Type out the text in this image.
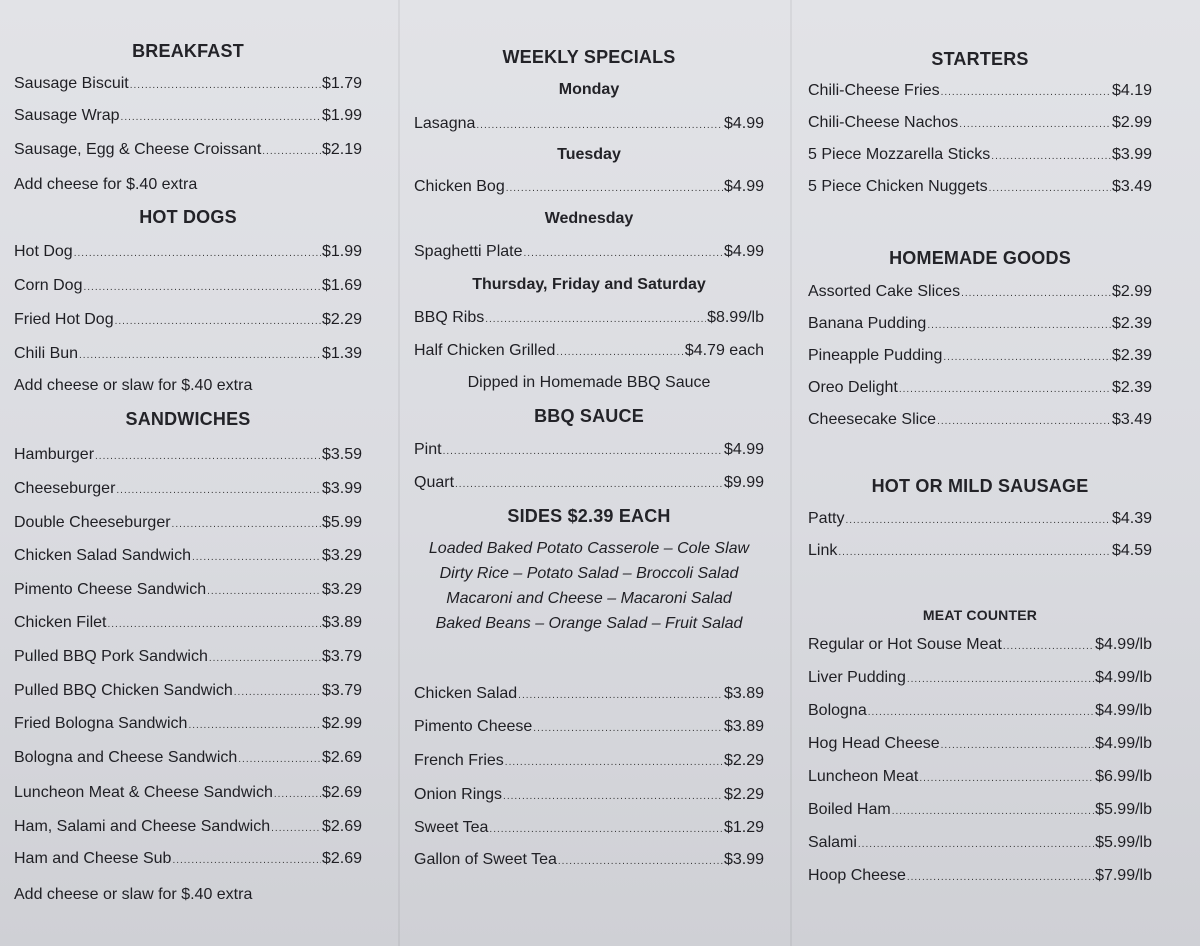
BREAKFAST
Sausage Biscuit .....	$1.79
Sausage Wrap .....	$1.99
Sausage, Egg & Cheese Croissant .....	$2.19
Add cheese for $.40 extra
HOT DOGS
Hot Dog .....	$1.99
Corn Dog .....	$1.69
Fried Hot Dog .....	$2.29
Chili Bun .....	$1.39
Add cheese or slaw for $.40 extra
SANDWICHES
Hamburger .....	$3.59
Cheeseburger .....	$3.99
Double Cheeseburger .....	$5.99
Chicken Salad Sandwich .....	$3.29
Pimento Cheese Sandwich .....	$3.29
Chicken Filet .....	$3.89
Pulled BBQ Pork Sandwich .....	$3.79
Pulled BBQ Chicken Sandwich .....	$3.79
Fried Bologna Sandwich .....	$2.99
Bologna and Cheese Sandwich .....	$2.69
Luncheon Meat & Cheese Sandwich .....	$2.69
Ham, Salami and Cheese Sandwich .....	$2.69
Ham and Cheese Sub .....	$2.69
Add cheese or slaw for $.40 extra
WEEKLY SPECIALS
Monday
Lasagna .....	$4.99
Tuesday
Chicken Bog .....	$4.99
Wednesday
Spaghetti Plate .....	$4.99
Thursday, Friday and Saturday
BBQ Ribs .....	$8.99/lb
Half Chicken Grilled .....	$4.79 each
Dipped in Homemade BBQ Sauce
BBQ SAUCE
Pint .....	$4.99
Quart .....	$9.99
SIDES $2.39 EACH
Loaded Baked Potato Casserole – Cole Slaw
Dirty Rice – Potato Salad – Broccoli Salad
Macaroni and Cheese – Macaroni Salad
Baked Beans – Orange Salad – Fruit Salad
Chicken Salad .....	$3.89
Pimento Cheese .....	$3.89
French Fries .....	$2.29
Onion Rings .....	$2.29
Sweet Tea .....	$1.29
Gallon of Sweet Tea .....	$3.99
STARTERS
Chili-Cheese Fries .....	$4.19
Chili-Cheese Nachos .....	$2.99
5 Piece Mozzarella Sticks .....	$3.99
5 Piece Chicken Nuggets .....	$3.49
HOMEMADE GOODS
Assorted Cake Slices .....	$2.99
Banana Pudding .....	$2.39
Pineapple Pudding .....	$2.39
Oreo Delight .....	$2.39
Cheesecake Slice .....	$3.49
HOT OR MILD SAUSAGE
Patty .....	$4.39
Link .....	$4.59
MEAT COUNTER
Regular or Hot Souse Meat .....	$4.99/lb
Liver Pudding .....	$4.99/lb
Bologna .....	$4.99/lb
Hog Head Cheese .....	$4.99/lb
Luncheon Meat .....	$6.99/lb
Boiled Ham .....	$5.99/lb
Salami .....	$5.99/lb
Hoop Cheese .....	$7.99/lb
